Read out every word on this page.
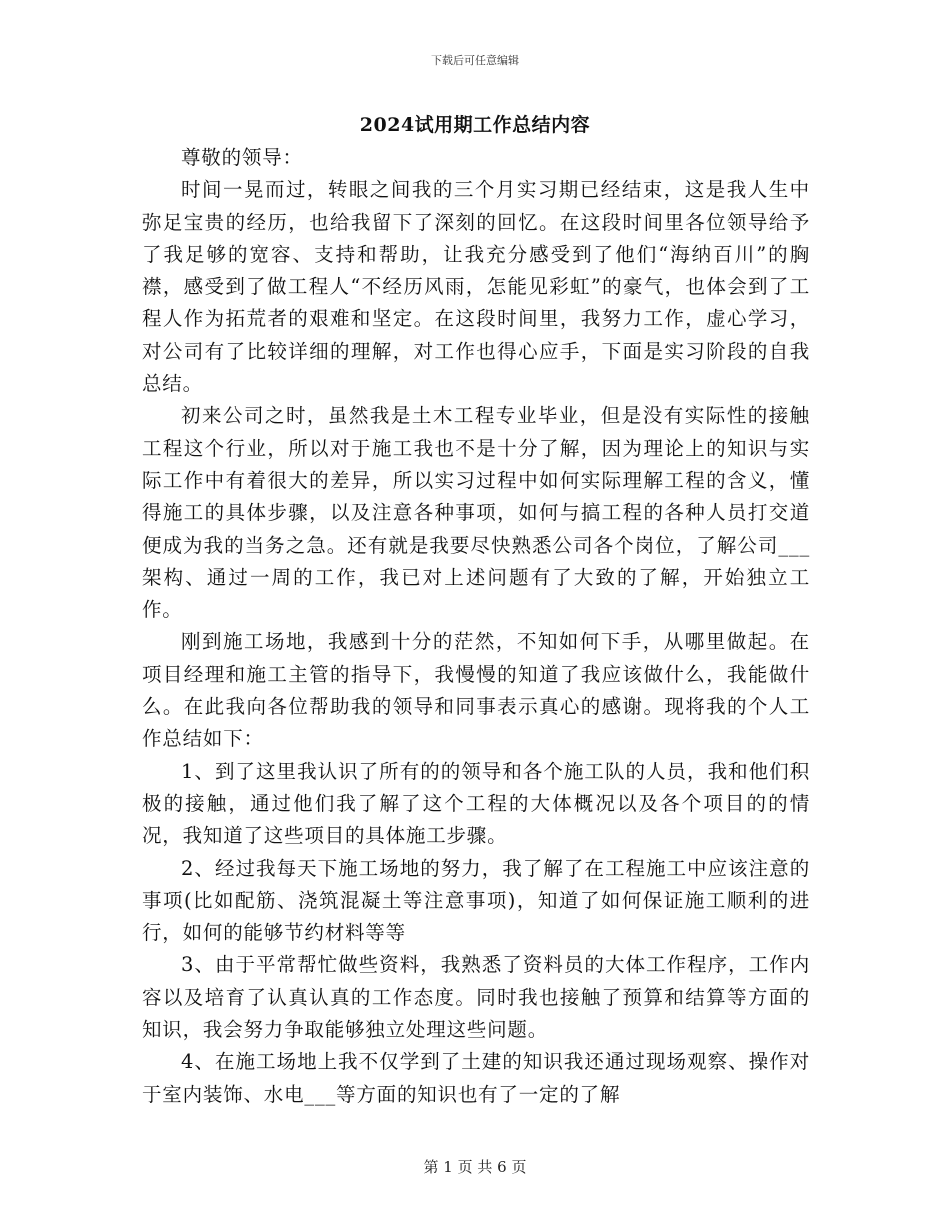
下载后可任意编辑
2024试用期工作总结内容

尊敬的领导：

时间一晃而过，转眼之间我的三个月实习期已经结束，这是我人生中弥足宝贵的经历，也给我留下了深刻的回忆。在这段时间里各位领导给予了我足够的宽容、支持和帮助，让我充分感受到了他们“海纳百川”的胸襟，感受到了做工程人“不经历风雨，怎能见彩虹”的豪气，也体会到了工程人作为拓荒者的艰难和坚定。在这段时间里，我努力工作，虚心学习，对公司有了比较详细的理解，对工作也得心应手，下面是实习阶段的自我总结。

初来公司之时，虽然我是土木工程专业毕业，但是没有实际性的接触工程这个行业，所以对于施工我也不是十分了解，因为理论上的知识与实际工作中有着很大的差异，所以实习过程中如何实际理解工程的含义，懂得施工的具体步骤，以及注意各种事项，如何与搞工程的各种人员打交道便成为我的当务之急。还有就是我要尽快熟悉公司各个岗位，了解公司___架构、通过一周的工作，我已对上述问题有了大致的了解，开始独立工作。

刚到施工场地，我感到十分的茫然，不知如何下手，从哪里做起。在项目经理和施工主管的指导下，我慢慢的知道了我应该做什么，我能做什么。在此我向各位帮助我的领导和同事表示真心的感谢。现将我的个人工作总结如下：

1、到了这里我认识了所有的的领导和各个施工队的人员，我和他们积极的接触，通过他们我了解了这个工程的大体概况以及各个项目的的情况，我知道了这些项目的具体施工步骤。

2、经过我每天下施工场地的努力，我了解了在工程施工中应该注意的事项(比如配筋、浇筑混凝土等注意事项)，知道了如何保证施工顺利的进行，如何的能够节约材料等等

3、由于平常帮忙做些资料，我熟悉了资料员的大体工作程序，工作内容以及培育了认真认真的工作态度。同时我也接触了预算和结算等方面的知识，我会努力争取能够独立处理这些问题。

4、在施工场地上我不仅学到了土建的知识我还通过现场观察、操作对于室内装饰、水电___等方面的知识也有了一定的了解

第 1 页 共 6 页
